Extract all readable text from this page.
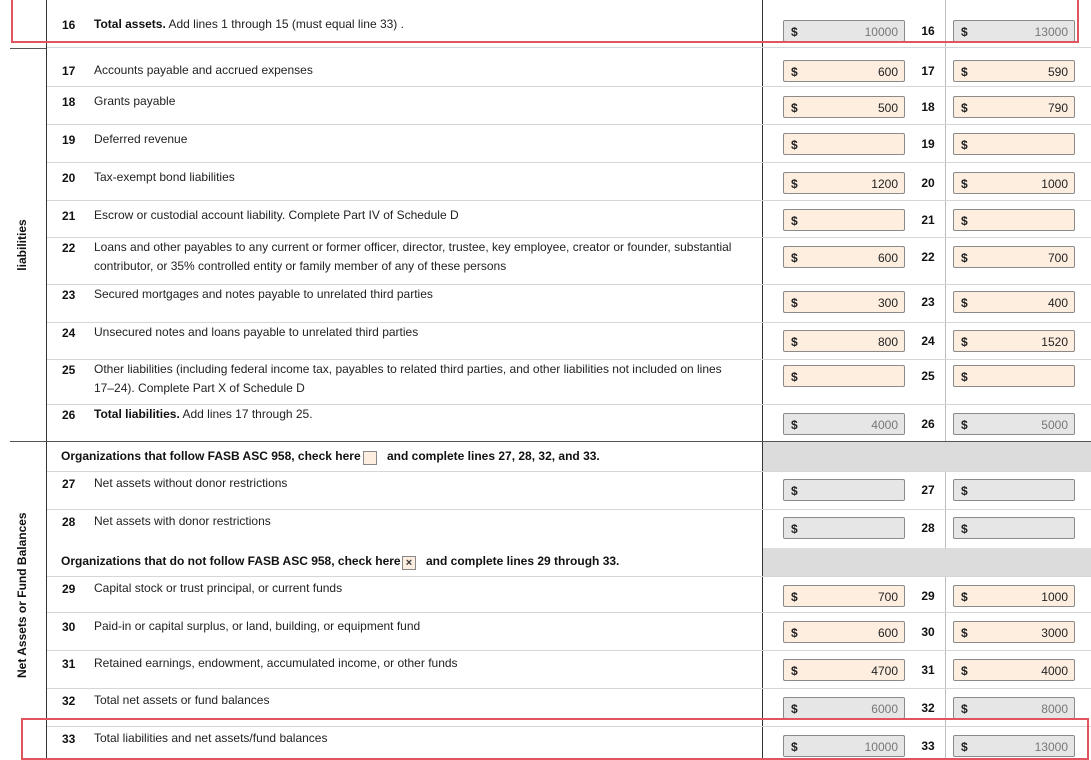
liabilities
Net Assets or Fund Balances
16 Total assets. Add lines 1 through 15 (must equal line 33) .
$	10000	16	$	13000
17 Accounts payable and accrued expenses	$	600	17	$	590
18 Grants payable	$	500	18	$	790
19 Deferred revenue	$	19	$
20 Tax-exempt bond liabilities	$	1200	20	$	1000
21 Escrow or custodial account liability. Complete Part IV of Schedule D	$	21	$
22 Loans and other payables to any current or former officer, director, trustee, key employee, creator or founder, substantial contributor, or 35% controlled entity or family member of any of these persons
$	600	22	$	700
23 Secured mortgages and notes payable to unrelated third parties
$	300	23	$	400
24 Unsecured notes and loans payable to unrelated third parties
$	800	24	$	1520
25 Other liabilities (including federal income tax, payables to related third parties, and other liabilities not included on lines 17–24). Complete Part X of Schedule D
$	25	$
26 Total liabilities. Add lines 17 through 25.
$	4000	26	$	5000
27 Net assets without donor restrictions
$	27	$
28 Net assets with donor restrictions
$	28	$
29 Capital stock or trust principal, or current funds
$	700	29	$	1000
30 Paid-in or capital surplus, or land, building, or equipment fund	$	600	30	$	3000
31 Retained earnings, endowment, accumulated income, or other funds
$	4700	31	$	4000
32 Total net assets or fund balances
$	6000	32	$	8000
33 Total liabilities and net assets/fund balances
$	10000	33	$	13000
Organizations that follow FASB ASC 958, check here and complete lines 27, 28, 32, and 33.
Organizations that do not follow FASB ASC 958, check here ×	and complete lines 29 through 33.
